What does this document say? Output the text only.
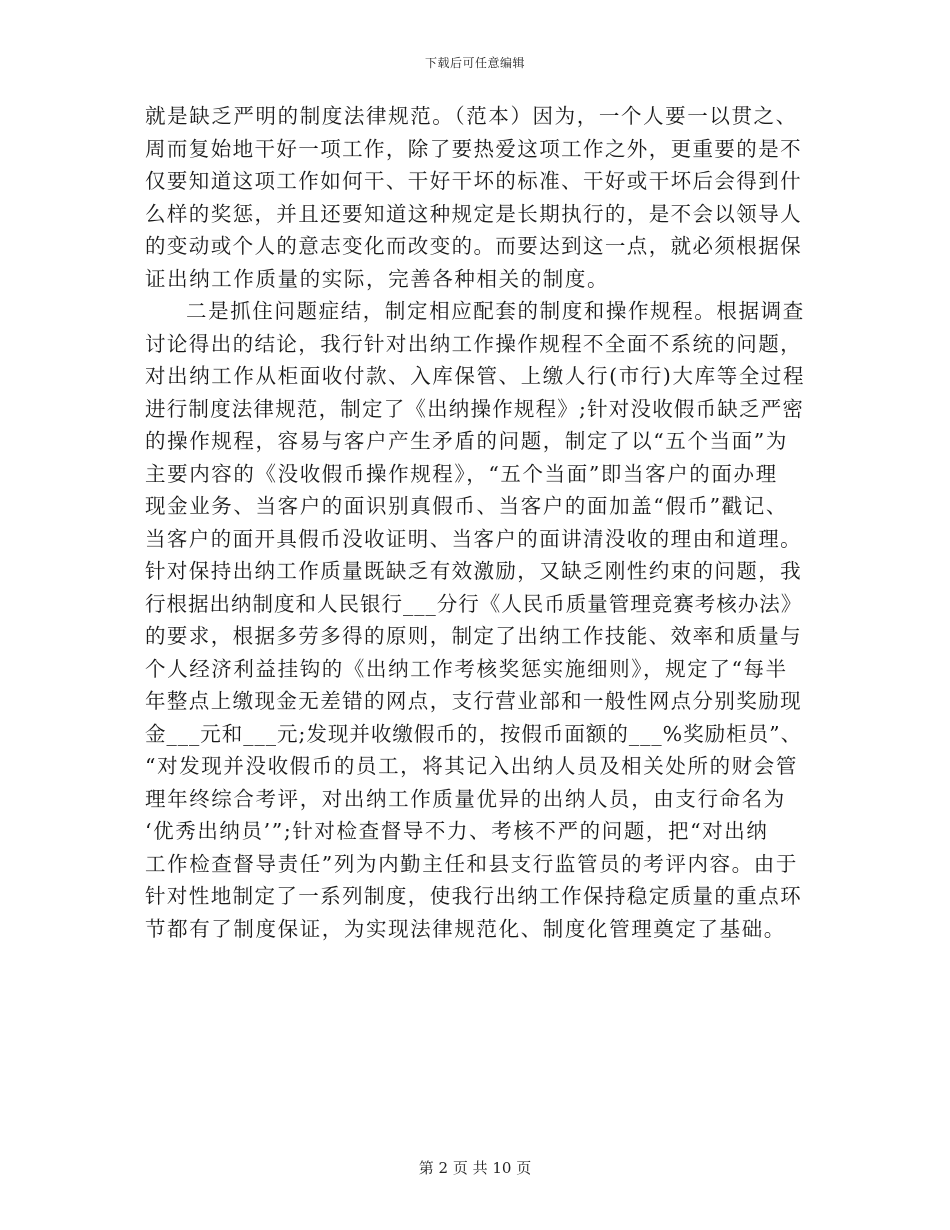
下载后可任意编辑
就是缺乏严明的制度法律规范。（范本）因为，一个人要一以贯之、
周而复始地干好一项工作，除了要热爱这项工作之外，更重要的是不
仅要知道这项工作如何干、干好干坏的标准、干好或干坏后会得到什
么样的奖惩，并且还要知道这种规定是长期执行的，是不会以领导人
的变动或个人的意志变化而改变的。而要达到这一点，就必须根据保
证出纳工作质量的实际，完善各种相关的制度。
二是抓住问题症结，制定相应配套的制度和操作规程。根据调查
讨论得出的结论，我行针对出纳工作操作规程不全面不系统的问题，
对出纳工作从柜面收付款、入库保管、上缴人行(市行)大库等全过程
进行制度法律规范，制定了《出纳操作规程》;针对没收假币缺乏严密
的操作规程，容易与客户产生矛盾的问题，制定了以“五个当面”为
主要内容的《没收假币操作规程》，“五个当面”即当客户的面办理
现金业务、当客户的面识别真假币、当客户的面加盖“假币”戳记、
当客户的面开具假币没收证明、当客户的面讲清没收的理由和道理。
针对保持出纳工作质量既缺乏有效激励，又缺乏刚性约束的问题，我
行根据出纳制度和人民银行___分行《人民币质量管理竞赛考核办法》
的要求，根据多劳多得的原则，制定了出纳工作技能、效率和质量与
个人经济利益挂钩的《出纳工作考核奖惩实施细则》，规定了“每半
年整点上缴现金无差错的网点，支行营业部和一般性网点分别奖励现
金___元和___元;发现并收缴假币的，按假币面额的___%奖励柜员”、
“对发现并没收假币的员工，将其记入出纳人员及相关处所的财会管
理年终综合考评，对出纳工作质量优异的出纳人员，由支行命名为
‘优秀出纳员’”;针对检查督导不力、考核不严的问题，把“对出纳
工作检查督导责任”列为内勤主任和县支行监管员的考评内容。由于
针对性地制定了一系列制度，使我行出纳工作保持稳定质量的重点环
节都有了制度保证，为实现法律规范化、制度化管理奠定了基础。
第 2 页 共 10 页
